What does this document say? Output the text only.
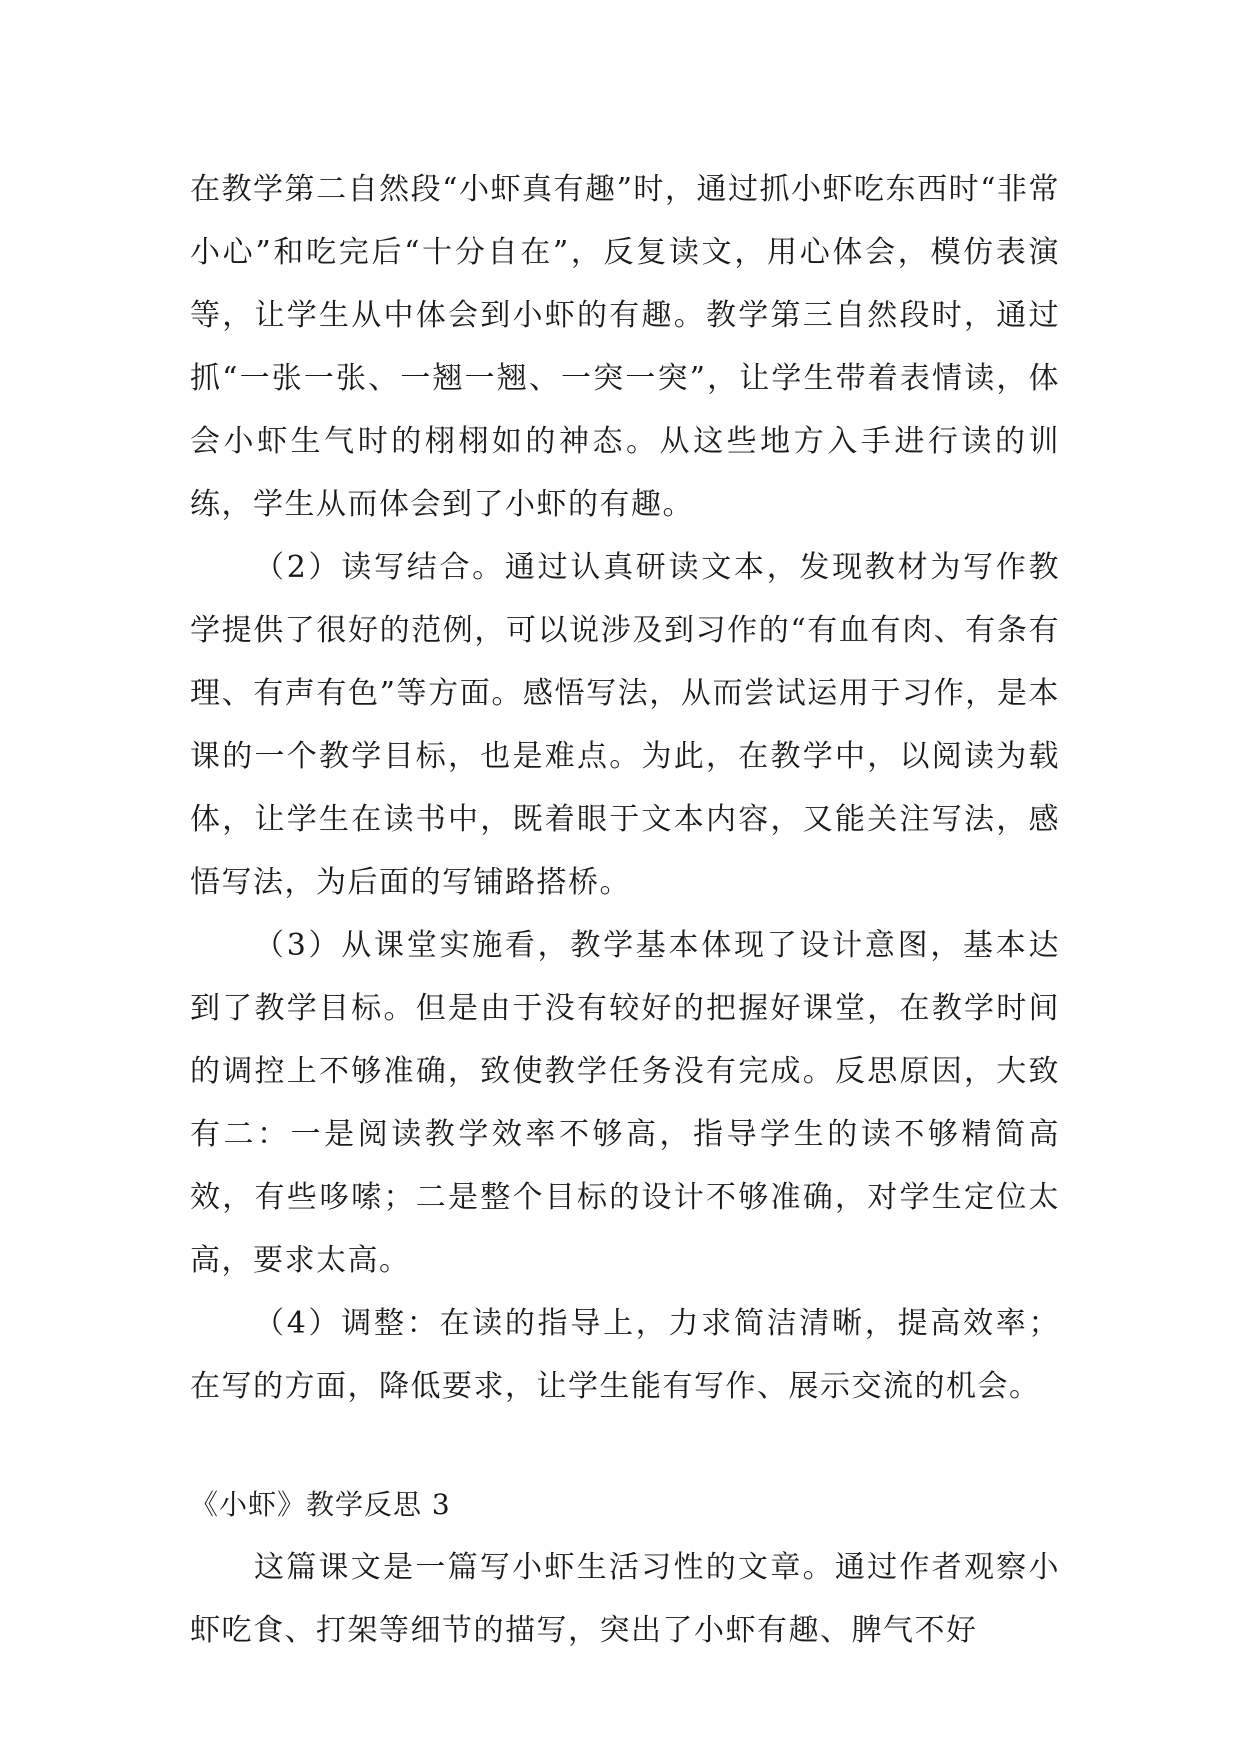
在教学第二自然段“小虾真有趣”时，通过抓小虾吃东西时“非常小心”和吃完后“十分自在”，反复读文，用心体会，模仿表演等，让学生从中体会到小虾的有趣。教学第三自然段时，通过抓“一张一张、一翘一翘、一突一突”，让学生带着表情读，体会小虾生气时的栩栩如的神态。从这些地方入手进行读的训练，学生从而体会到了小虾的有趣。

（2）读写结合。通过认真研读文本，发现教材为写作教学提供了很好的范例，可以说涉及到习作的“有血有肉、有条有理、有声有色”等方面。感悟写法，从而尝试运用于习作，是本课的一个教学目标，也是难点。为此，在教学中，以阅读为载体，让学生在读书中，既着眼于文本内容，又能关注写法，感悟写法，为后面的写铺路搭桥。

（3）从课堂实施看，教学基本体现了设计意图，基本达到了教学目标。但是由于没有较好的把握好课堂，在教学时间的调控上不够准确，致使教学任务没有完成。反思原因，大致有二：一是阅读教学效率不够高，指导学生的读不够精简高效，有些哆嗦；二是整个目标的设计不够准确，对学生定位太高，要求太高。

（4）调整：在读的指导上，力求简洁清晰，提高效率；在写的方面，降低要求，让学生能有写作、展示交流的机会。

《小虾》教学反思 3

这篇课文是一篇写小虾生活习性的文章。通过作者观察小虾吃食、打架等细节的描写，突出了小虾有趣、脾气不好
